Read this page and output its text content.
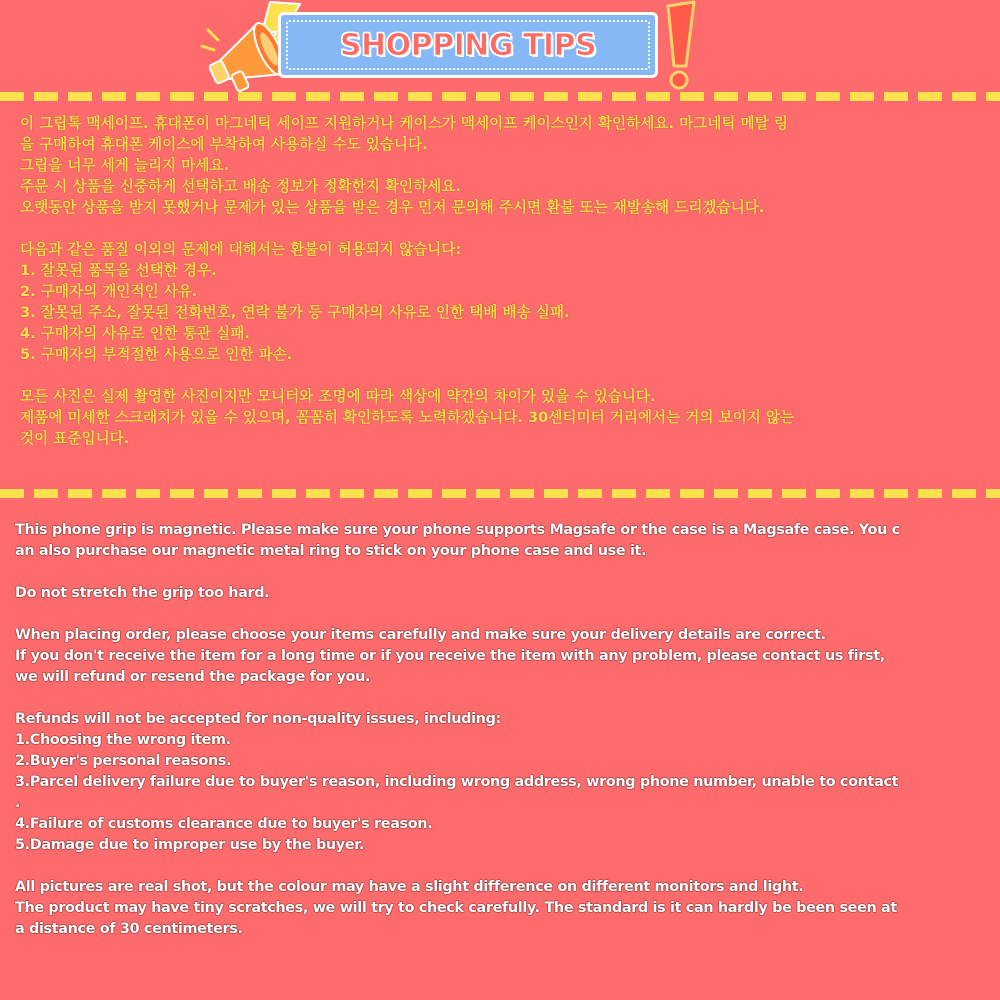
SHOPPING TIPS
이 그립톡 맥세이프. 휴대폰이 마그네틱 세이프 지원하거나 케이스가 맥세이프 케이스인지 확인하세요. 마그네틱 메탈 링
을 구매하여 휴대폰 케이스에 부착하여 사용하실 수도 있습니다.
그립을 너무 세게 늘리지 마세요.
주문 시 상품을 신중하게 선택하고 배송 정보가 정확한지 확인하세요.
오랫동안 상품을 받지 못했거나 문제가 있는 상품을 받은 경우 먼저 문의해 주시면 환불 또는 재발송해 드리겠습니다.
다음과 같은 품질 이외의 문제에 대해서는 환불이 허용되지 않습니다:
1. 잘못된 품목을 선택한 경우.
2. 구매자의 개인적인 사유.
3. 잘못된 주소, 잘못된 전화번호, 연락 불가 등 구매자의 사유로 인한 택배 배송 실패.
4. 구매자의 사유로 인한 통관 실패.
5. 구매자의 부적절한 사용으로 인한 파손.
모든 사진은 실제 촬영한 사진이지만 모니터와 조명에 따라 색상에 약간의 차이가 있을 수 있습니다.
제품에 미세한 스크래치가 있을 수 있으며, 꼼꼼히 확인하도록 노력하겠습니다. 30센티미터 거리에서는 거의 보이지 않는
것이 표준입니다.
This phone grip is magnetic. Please make sure your phone supports Magsafe or the case is a Magsafe case. You c
an also purchase our magnetic metal ring to stick on your phone case and use it.
Do not stretch the grip too hard.
When placing order, please choose your items carefully and make sure your delivery details are correct.
If you don't receive the item for a long time or if you receive the item with any problem, please contact us first,
we will refund or resend the package for you.
Refunds will not be accepted for non-quality issues, including:
1.Choosing the wrong item.
2.Buyer's personal reasons.
3.Parcel delivery failure due to buyer's reason, including wrong address, wrong phone number, unable to contact
.
4.Failure of customs clearance due to buyer's reason.
5.Damage due to improper use by the buyer.
All pictures are real shot, but the colour may have a slight difference on different monitors and light.
The product may have tiny scratches, we will try to check carefully. The standard is it can hardly be been seen at
a distance of 30 centimeters.
